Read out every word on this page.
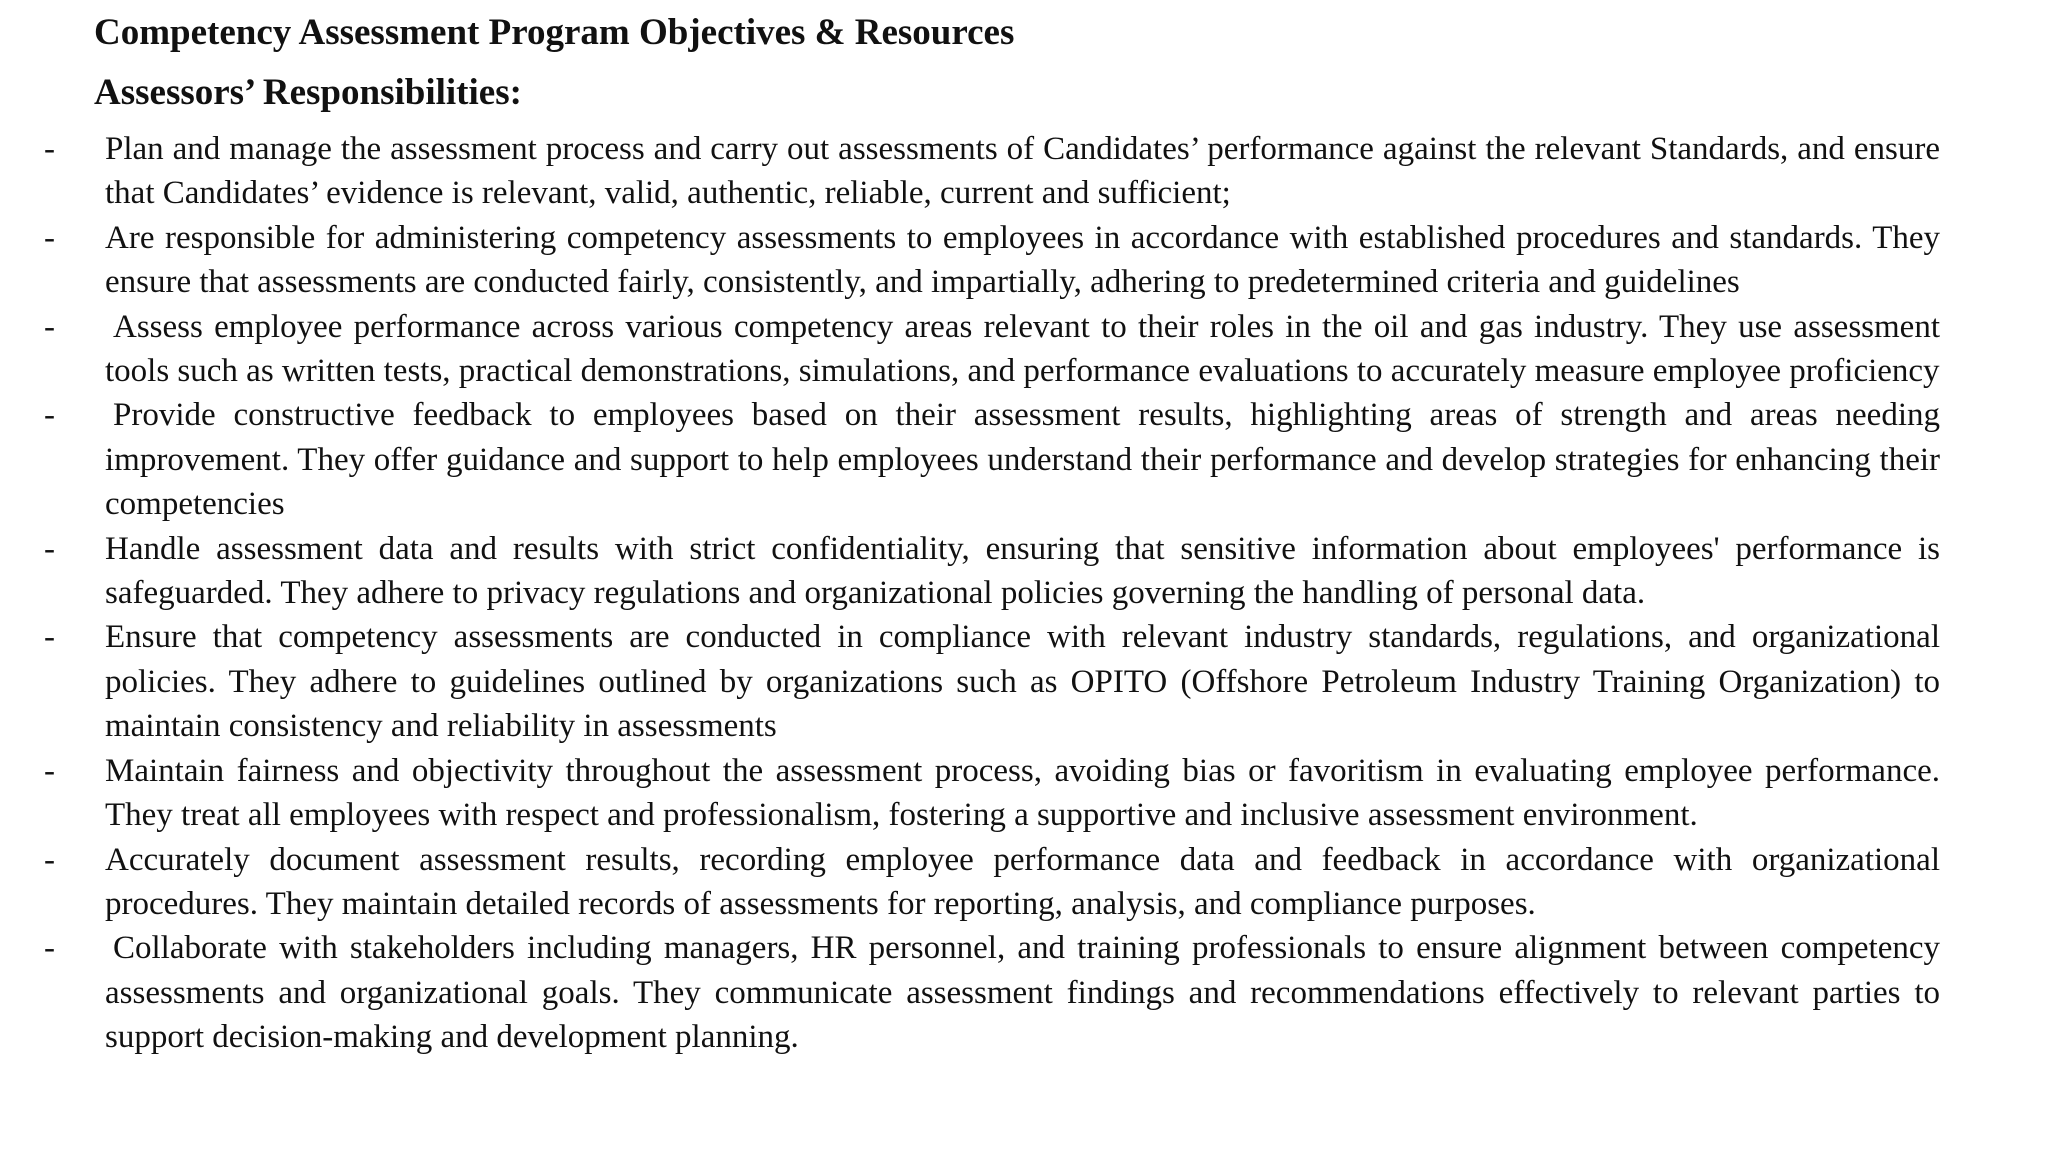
Competency Assessment Program Objectives & Resources
Assessors’ Responsibilities:
- Plan and manage the assessment process and carry out assessments of Candidates’ performance against the relevant Standards, and ensure that Candidates’ evidence is relevant, valid, authentic, reliable, current and sufficient;
- Are responsible for administering competency assessments to employees in accordance with established procedures and standards. They ensure that assessments are conducted fairly, consistently, and impartially, adhering to predetermined criteria and guidelines
- Assess employee performance across various competency areas relevant to their roles in the oil and gas industry. They use assessment tools such as written tests, practical demonstrations, simulations, and performance evaluations to accurately measure employee proficiency
- Provide constructive feedback to employees based on their assessment results, highlighting areas of strength and areas needing improvement. They offer guidance and support to help employees understand their performance and develop strategies for enhancing their competencies
- Handle assessment data and results with strict confidentiality, ensuring that sensitive information about employees' performance is safeguarded. They adhere to privacy regulations and organizational policies governing the handling of personal data.
- Ensure that competency assessments are conducted in compliance with relevant industry standards, regulations, and organizational policies. They adhere to guidelines outlined by organizations such as OPITO (Offshore Petroleum Industry Training Organization) to maintain consistency and reliability in assessments
- Maintain fairness and objectivity throughout the assessment process, avoiding bias or favoritism in evaluating employee performance. They treat all employees with respect and professionalism, fostering a supportive and inclusive assessment environment.
- Accurately document assessment results, recording employee performance data and feedback in accordance with organizational procedures. They maintain detailed records of assessments for reporting, analysis, and compliance purposes.
- Collaborate with stakeholders including managers, HR personnel, and training professionals to ensure alignment between competency assessments and organizational goals. They communicate assessment findings and recommendations effectively to relevant parties to support decision-making and development planning.
